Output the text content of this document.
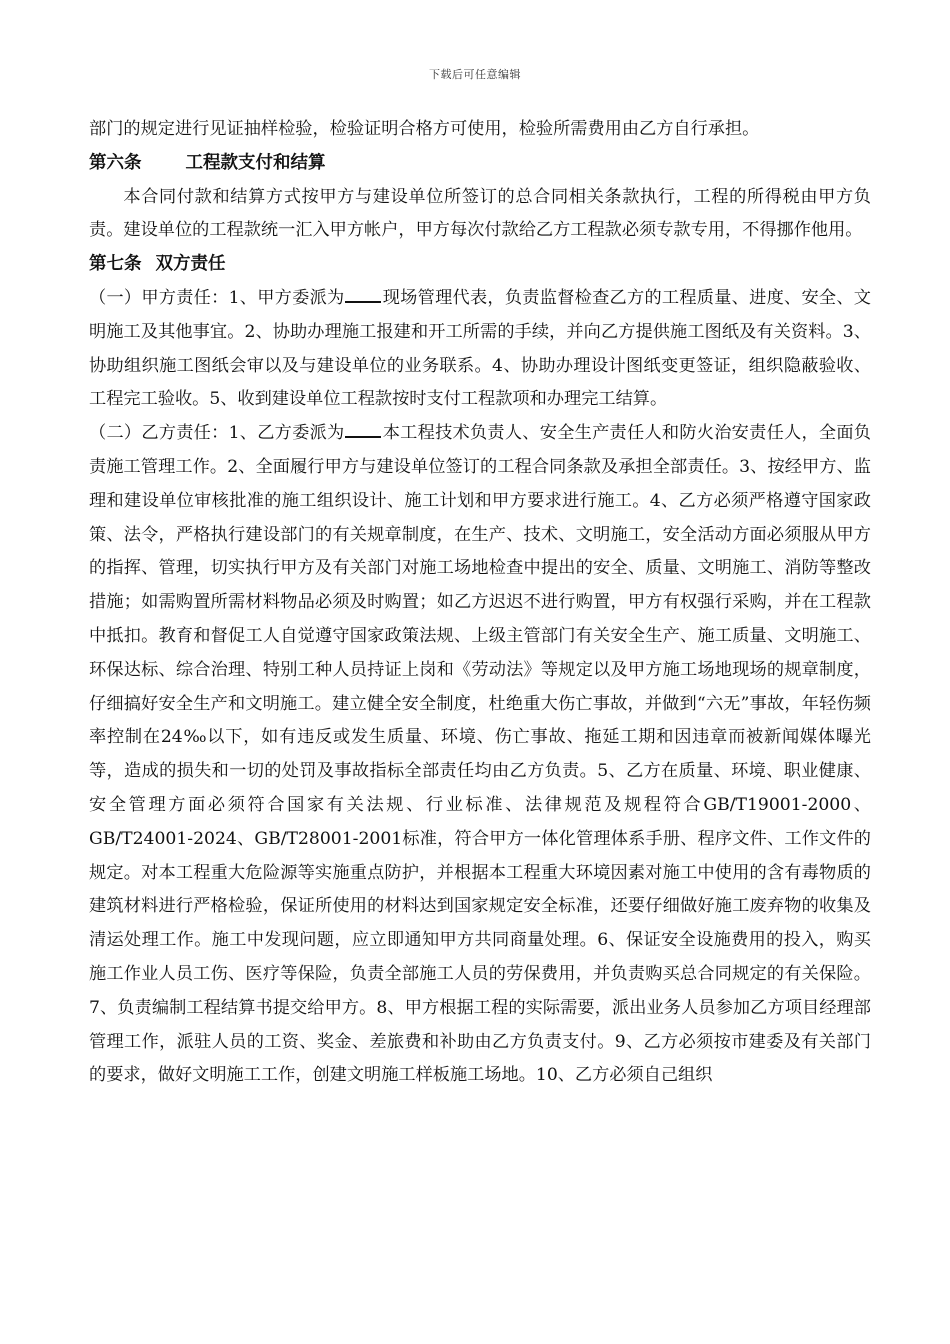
下载后可任意编辑

部门的规定进行见证抽样检验，检验证明合格方可使用，检验所需费用由乙方自行承担。

第六条	工程款支付和结算

本合同付款和结算方式按甲方与建设单位所签订的总合同相关条款执行，工程的所得税由甲方负责。建设单位的工程款统一汇入甲方帐户，甲方每次付款给乙方工程款必须专款专用，不得挪作他用。

第七条 双方责任

（一）甲方责任：1、甲方委派为 现场管理代表，负责监督检查乙方的工程质量、进度、安全、文明施工及其他事宜。2、协助办理施工报建和开工所需的手续，并向乙方提供施工图纸及有关资料。3、协助组织施工图纸会审以及与建设单位的业务联系。4、协助办理设计图纸变更签证，组织隐蔽验收、工程完工验收。5、收到建设单位工程款按时支付工程款项和办理完工结算。

（二）乙方责任：1、乙方委派为 本工程技术负责人、安全生产责任人和防火治安责任人，全面负责施工管理工作。2、全面履行甲方与建设单位签订的工程合同条款及承担全部责任。3、按经甲方、监理和建设单位审核批准的施工组织设计、施工计划和甲方要求进行施工。4、乙方必须严格遵守国家政策、法令，严格执行建设部门的有关规章制度，在生产、技术、文明施工，安全活动方面必须服从甲方的指挥、管理，切实执行甲方及有关部门对施工场地检查中提出的安全、质量、文明施工、消防等整改措施；如需购置所需材料物品必须及时购置；如乙方迟迟不进行购置，甲方有权强行采购，并在工程款中抵扣。教育和督促工人自觉遵守国家政策法规、上级主管部门有关安全生产、施工质量、文明施工、环保达标、综合治理、特别工种人员持证上岗和《劳动法》等规定以及甲方施工场地现场的规章制度，仔细搞好安全生产和文明施工。建立健全安全制度，杜绝重大伤亡事故，并做到“六无”事故，年轻伤频率控制在24‰以下，如有违反或发生质量、环境、伤亡事故、拖延工期和因违章而被新闻媒体曝光等，造成的损失和一切的处罚及事故指标全部责任均由乙方负责。5、乙方在质量、环境、职业健康、安全管理方面必须符合国家有关法规、行业标准、法律规范及规程符合GB/T19001-2000、GB/T24001-2024、GB/T28001-2001标准，符合甲方一体化管理体系手册、程序文件、工作文件的规定。对本工程重大危险源等实施重点防护，并根据本工程重大环境因素对施工中使用的含有毒物质的建筑材料进行严格检验，保证所使用的材料达到国家规定安全标准，还要仔细做好施工废弃物的收集及清运处理工作。施工中发现问题，应立即通知甲方共同商量处理。6、保证安全设施费用的投入，购买施工作业人员工伤、医疗等保险，负责全部施工人员的劳保费用，并负责购买总合同规定的有关保险。7、负责编制工程结算书提交给甲方。8、甲方根据工程的实际需要，派出业务人员参加乙方项目经理部管理工作，派驻人员的工资、奖金、差旅费和补助由乙方负责支付。9、乙方必须按市建委及有关部门的要求，做好文明施工工作，创建文明施工样板施工场地。10、乙方必须自己组织
